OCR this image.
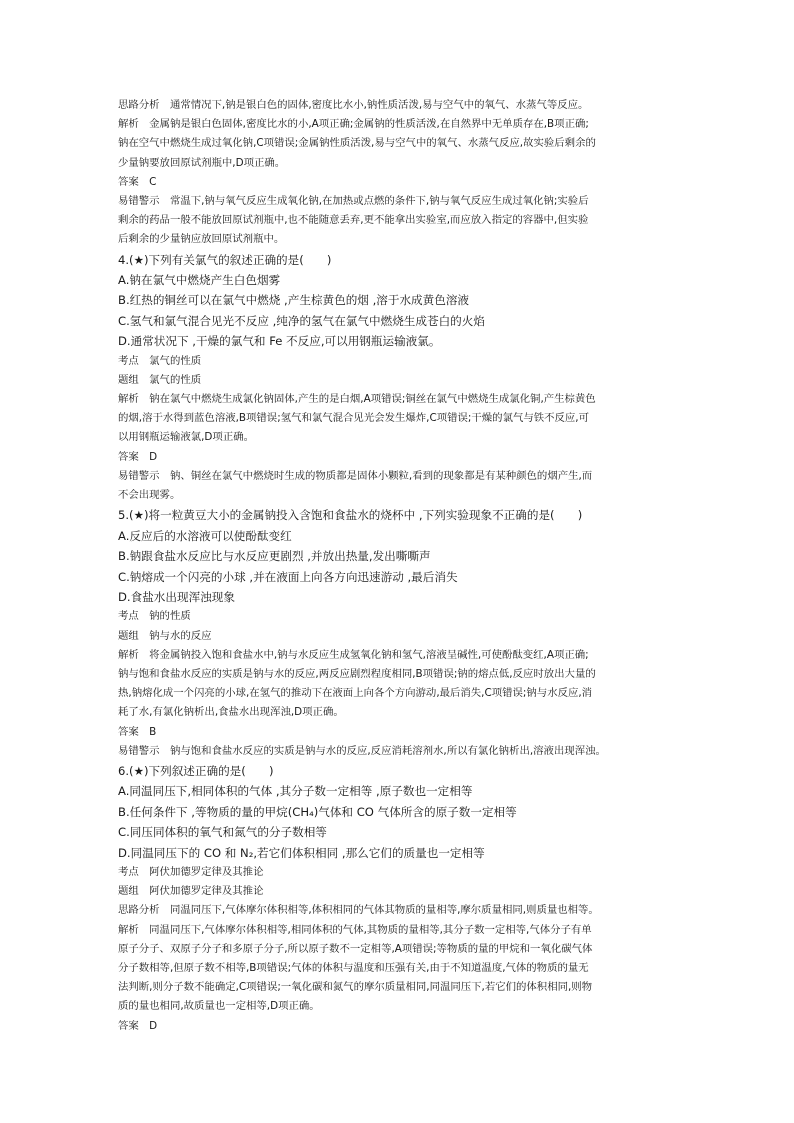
思路分析　通常情况下,钠是银白色的固体,密度比水小,钠性质活泼,易与空气中的氧气、水蒸气等反应。
解析　金属钠是银白色固体,密度比水的小,A项正确;金属钠的性质活泼,在自然界中无单质存在,B项正确;
钠在空气中燃烧生成过氧化钠,C项错误;金属钠性质活泼,易与空气中的氧气、水蒸气反应,故实验后剩余的
少量钠要放回原试剂瓶中,D项正确。
答案　C
易错警示　常温下,钠与氧气反应生成氧化钠,在加热或点燃的条件下,钠与氧气反应生成过氧化钠;实验后
剩余的药品一般不能放回原试剂瓶中,也不能随意丢弃,更不能拿出实验室,而应放入指定的容器中,但实验
后剩余的少量钠应放回原试剂瓶中。
4.(★)下列有关氯气的叙述正确的是(　　)
A.钠在氯气中燃烧产生白色烟雾
B.红热的铜丝可以在氯气中燃烧 ,产生棕黄色的烟 ,溶于水成黄色溶液
C.氢气和氯气混合见光不反应 ,纯净的氢气在氯气中燃烧生成苍白的火焰
D.通常状况下 ,干燥的氯气和 Fe 不反应,可以用钢瓶运输液氯。
考点　氯气的性质
题组　氯气的性质
解析　钠在氯气中燃烧生成氯化钠固体,产生的是白烟,A项错误;铜丝在氯气中燃烧生成氯化铜,产生棕黄色
的烟,溶于水得到蓝色溶液,B项错误;氢气和氯气混合见光会发生爆炸,C项错误;干燥的氯气与铁不反应,可
以用钢瓶运输液氯,D项正确。
答案　D
易错警示　钠、铜丝在氯气中燃烧时生成的物质都是固体小颗粒,看到的现象都是有某种颜色的烟产生,而
不会出现雾。
5.(★)将一粒黄豆大小的金属钠投入含饱和食盐水的烧杯中 ,下列实验现象不正确的是(　　)
A.反应后的水溶液可以使酚酞变红
B.钠跟食盐水反应比与水反应更剧烈 ,并放出热量,发出嘶嘶声
C.钠熔成一个闪亮的小球 ,并在液面上向各方向迅速游动 ,最后消失
D.食盐水出现浑浊现象
考点　钠的性质
题组　钠与水的反应
解析　将金属钠投入饱和食盐水中,钠与水反应生成氢氧化钠和氢气,溶液呈碱性,可使酚酞变红,A项正确;
钠与饱和食盐水反应的实质是钠与水的反应,两反应剧烈程度相同,B项错误;钠的熔点低,反应时放出大量的
热,钠熔化成一个闪亮的小球,在氢气的推动下在液面上向各个方向游动,最后消失,C项错误;钠与水反应,消
耗了水,有氯化钠析出,食盐水出现浑浊,D项正确。
答案　B
易错警示　钠与饱和食盐水反应的实质是钠与水的反应,反应消耗溶剂水,所以有氯化钠析出,溶液出现浑浊。
6.(★)下列叙述正确的是(　　)
A.同温同压下,相同体积的气体 ,其分子数一定相等 ,原子数也一定相等
B.任何条件下 ,等物质的量的甲烷(CH₄)气体和 CO 气体所含的原子数一定相等
C.同压同体积的氧气和氮气的分子数相等
D.同温同压下的 CO 和 N₂,若它们体积相同 ,那么它们的质量也一定相等
考点　阿伏加德罗定律及其推论
题组　阿伏加德罗定律及其推论
思路分析　同温同压下,气体摩尔体积相等,体积相同的气体其物质的量相等,摩尔质量相同,则质量也相等。
解析　同温同压下,气体摩尔体积相等,相同体积的气体,其物质的量相等,其分子数一定相等,气体分子有单
原子分子、双原子分子和多原子分子,所以原子数不一定相等,A项错误;等物质的量的甲烷和一氧化碳气体
分子数相等,但原子数不相等,B项错误;气体的体积与温度和压强有关,由于不知道温度,气体的物质的量无
法判断,则分子数不能确定,C项错误;一氧化碳和氮气的摩尔质量相同,同温同压下,若它们的体积相同,则物
质的量也相同,故质量也一定相等,D项正确。
答案　D
